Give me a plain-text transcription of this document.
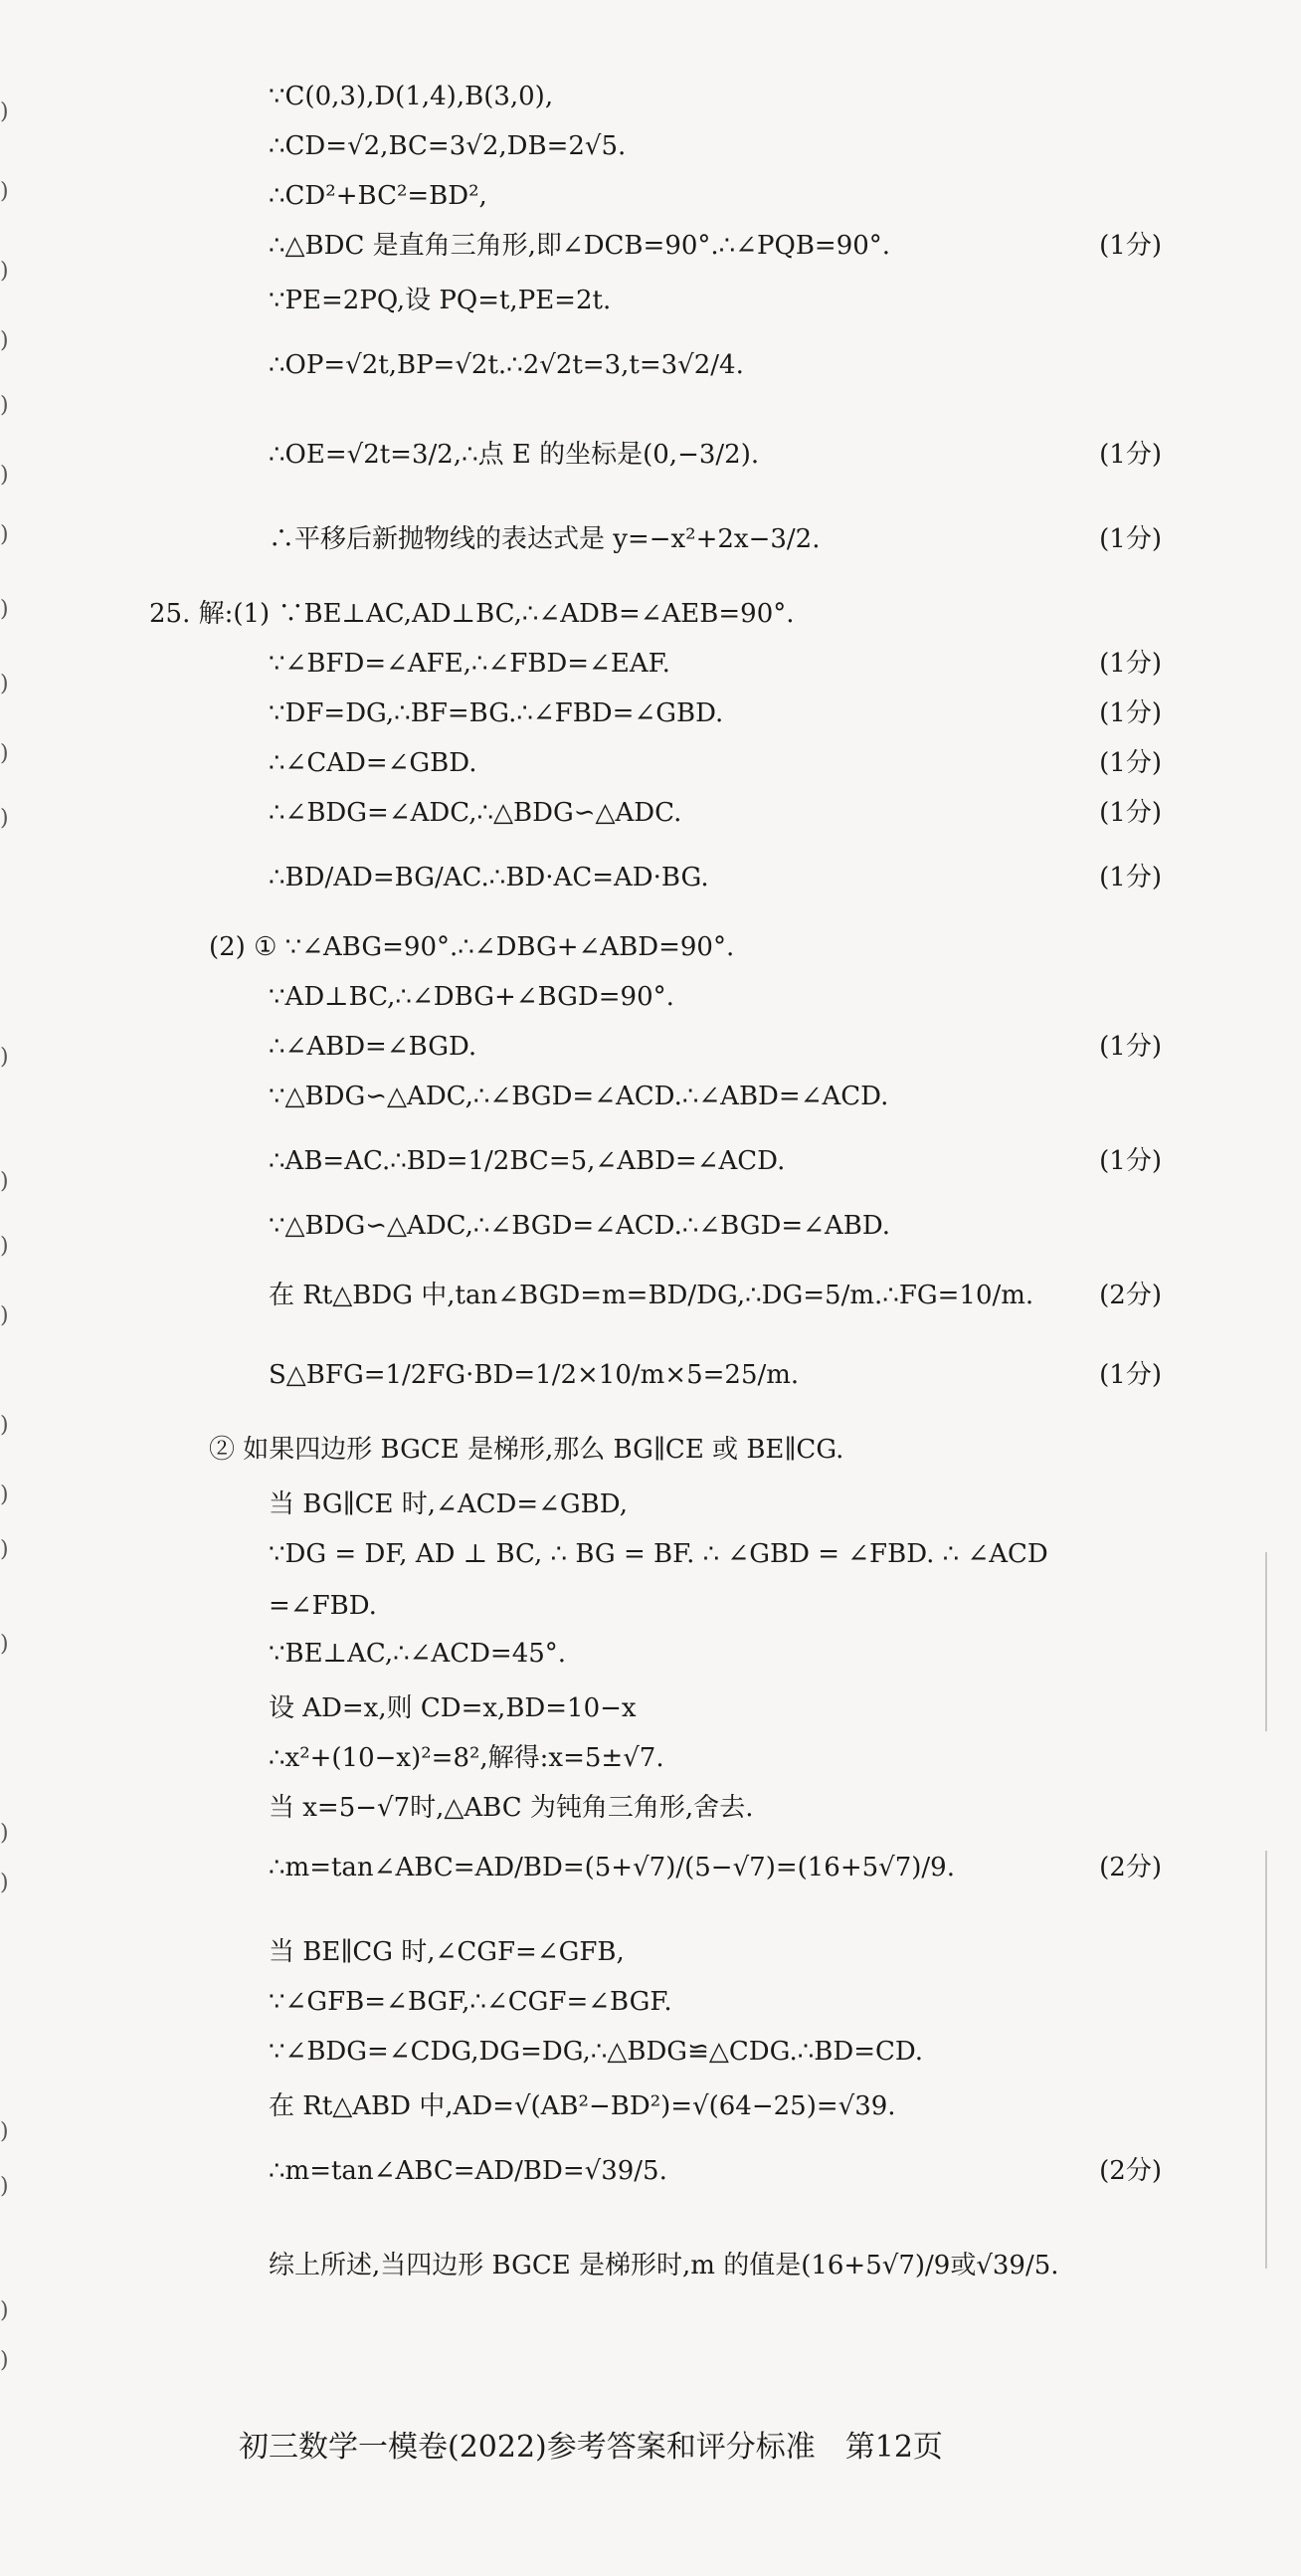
∵C(0,3),D(1,4),B(3,0),
∴CD=√2,BC=3√2,DB=2√5.
∴CD²+BC²=BD²,
∴△BDC 是直角三角形,即∠DCB=90°.∴∠PQB=90°.	(1分)
∵PE=2PQ,设 PQ=t,PE=2t.
∴OP=√2t,BP=√2t.∴2√2t=3,t=3√2/4.
∴OE=√2t=3/2,∴点 E 的坐标是(0,−3/2).	(1分)
∴平移后新抛物线的表达式是 y=−x²+2x−3/2.	(1分)
25. 解:(1) ∵BE⊥AC,AD⊥BC,∴∠ADB=∠AEB=90°.
∵∠BFD=∠AFE,∴∠FBD=∠EAF.	(1分)
∵DF=DG,∴BF=BG.∴∠FBD=∠GBD.	(1分)
∴∠CAD=∠GBD.	(1分)
∴∠BDG=∠ADC,∴△BDG∽△ADC.	(1分)
∴BD/AD=BG/AC.∴BD·AC=AD·BG.	(1分)
(2) ① ∵∠ABG=90°.∴∠DBG+∠ABD=90°.
∵AD⊥BC,∴∠DBG+∠BGD=90°.
∴∠ABD=∠BGD.	(1分)
∵△BDG∽△ADC,∴∠BGD=∠ACD.∴∠ABD=∠ACD.
∴AB=AC.∴BD=1/2BC=5,∠ABD=∠ACD.	(1分)
∵△BDG∽△ADC,∴∠BGD=∠ACD.∴∠BGD=∠ABD.
在 Rt△BDG 中,tan∠BGD=m=BD/DG,∴DG=5/m.∴FG=10/m.	(2分)
S△BFG=1/2FG·BD=1/2×10/m×5=25/m.	(1分)
② 如果四边形 BGCE 是梯形,那么 BG∥CE 或 BE∥CG.
当 BG∥CE 时,∠ACD=∠GBD,
∵DG = DF, AD ⊥ BC, ∴ BG = BF. ∴ ∠GBD = ∠FBD. ∴ ∠ACD
=∠FBD.
∵BE⊥AC,∴∠ACD=45°.
设 AD=x,则 CD=x,BD=10−x
∴x²+(10−x)²=8²,解得:x=5±√7.
当 x=5−√7时,△ABC 为钝角三角形,舍去.
∴m=tan∠ABC=AD/BD=(5+√7)/(5−√7)=(16+5√7)/9.	(2分)
当 BE∥CG 时,∠CGF=∠GFB,
∵∠GFB=∠BGF,∴∠CGF=∠BGF.
∵∠BDG=∠CDG,DG=DG,∴△BDG≌△CDG.∴BD=CD.
在 Rt△ABD 中,AD=√(AB²−BD²)=√(64−25)=√39.
∴m=tan∠ABC=AD/BD=√39/5.	(2分)
综上所述,当四边形 BGCE 是梯形时,m 的值是(16+5√7)/9或√39/5.
)
)
)
)
)
)
)
)
)
)
)
)
)
)
)
)
)
)
)
)
)
)
)
)
)
初三数学一模卷(2022)参考答案和评分标准　第12页
